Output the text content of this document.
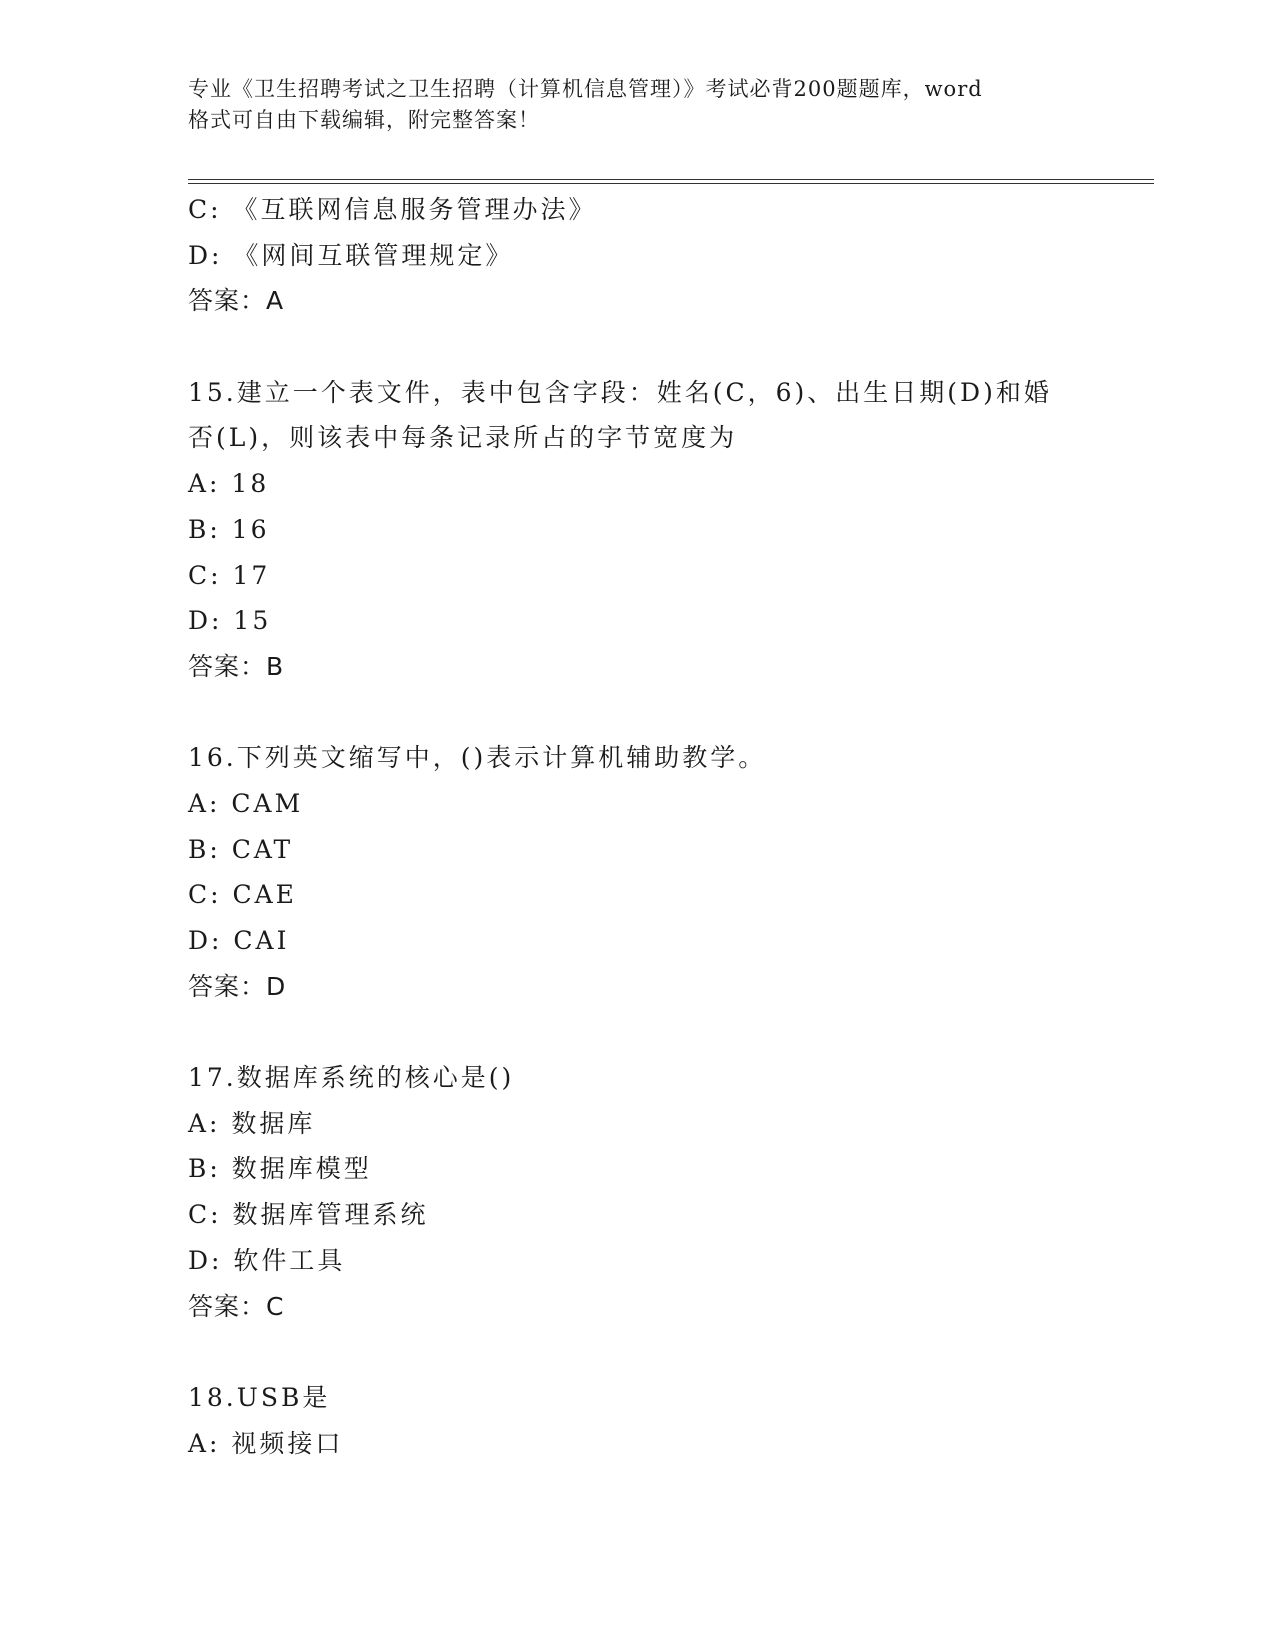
专业《卫生招聘考试之卫生招聘（计算机信息管理）》考试必背200题题库，word
格式可自由下载编辑，附完整答案！
C: 《互联网信息服务管理办法》
D: 《网间互联管理规定》
答案：A
15.建立一个表文件，表中包含字段：姓名(C，6)、出生日期(D)和婚
否(L)，则该表中每条记录所占的字节宽度为
A: 18
B: 16
C: 17
D: 15
答案：B
16.下列英文缩写中，()表示计算机辅助教学。
A: CAM
B: CAT
C: CAE
D: CAI
答案：D
17.数据库系统的核心是()
A: 数据库
B: 数据库模型
C: 数据库管理系统
D: 软件工具
答案：C
18.USB是
A: 视频接口
